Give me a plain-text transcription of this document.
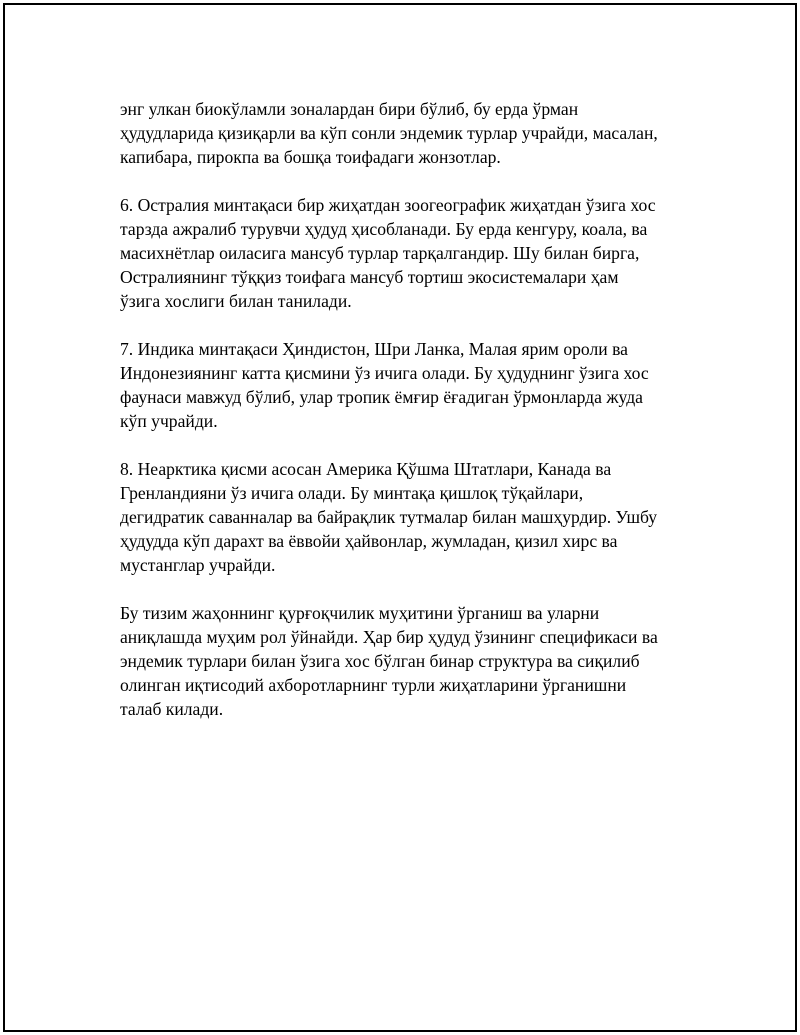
энг улкан биокўламли зоналардан бири бўлиб, бу ерда ўрман
ҳудудларида қизиқарли ва кўп сонли эндемик турлар учрайди, масалан,
капибара, пирокпа ва бошқа тоифадаги жонзотлар.

6. Остралия минтақаси бир жиҳатдан зоогеографик жиҳатдан ўзига хос
тарзда ажралиб турувчи ҳудуд ҳисобланади. Бу ерда кенгуру, коала, ва
масихнётлар оиласига мансуб турлар тарқалгандир. Шу билан бирга,
Остралиянинг тўққиз тоифага мансуб тортиш экосистемалари ҳам
ўзига хослиги билан танилади.

7. Индика минтақаси Ҳиндистон, Шри Ланка, Малая ярим ороли ва
Индонезиянинг катта қисмини ўз ичига олади. Бу ҳудуднинг ўзига хос
фаунаси мавжуд бўлиб, улар тропик ёмғир ёғадиган ўрмонларда жуда
кўп учрайди.

8. Неарктика қисми асосан Америка Қўшма Штатлари, Канада ва
Гренландияни ўз ичига олади. Бу минтақа қишлоқ тўқайлари,
дегидратик саванналар ва байрақлик тутмалар билан машҳурдир. Ушбу
ҳудудда кўп дарахт ва ёввойи ҳайвонлар, жумладан, қизил хирс ва
мустанглар учрайди.

Бу тизим жаҳоннинг қурғоқчилик муҳитини ўрганиш ва уларни
аниқлашда муҳим рол ўйнайди. Ҳар бир ҳудуд ўзининг спецификаси ва
эндемик турлари билан ўзига хос бўлган бинар структура ва сиқилиб
олинган иқтисодий ахборотларнинг турли жиҳатларини ўрганишни
талаб килади.
